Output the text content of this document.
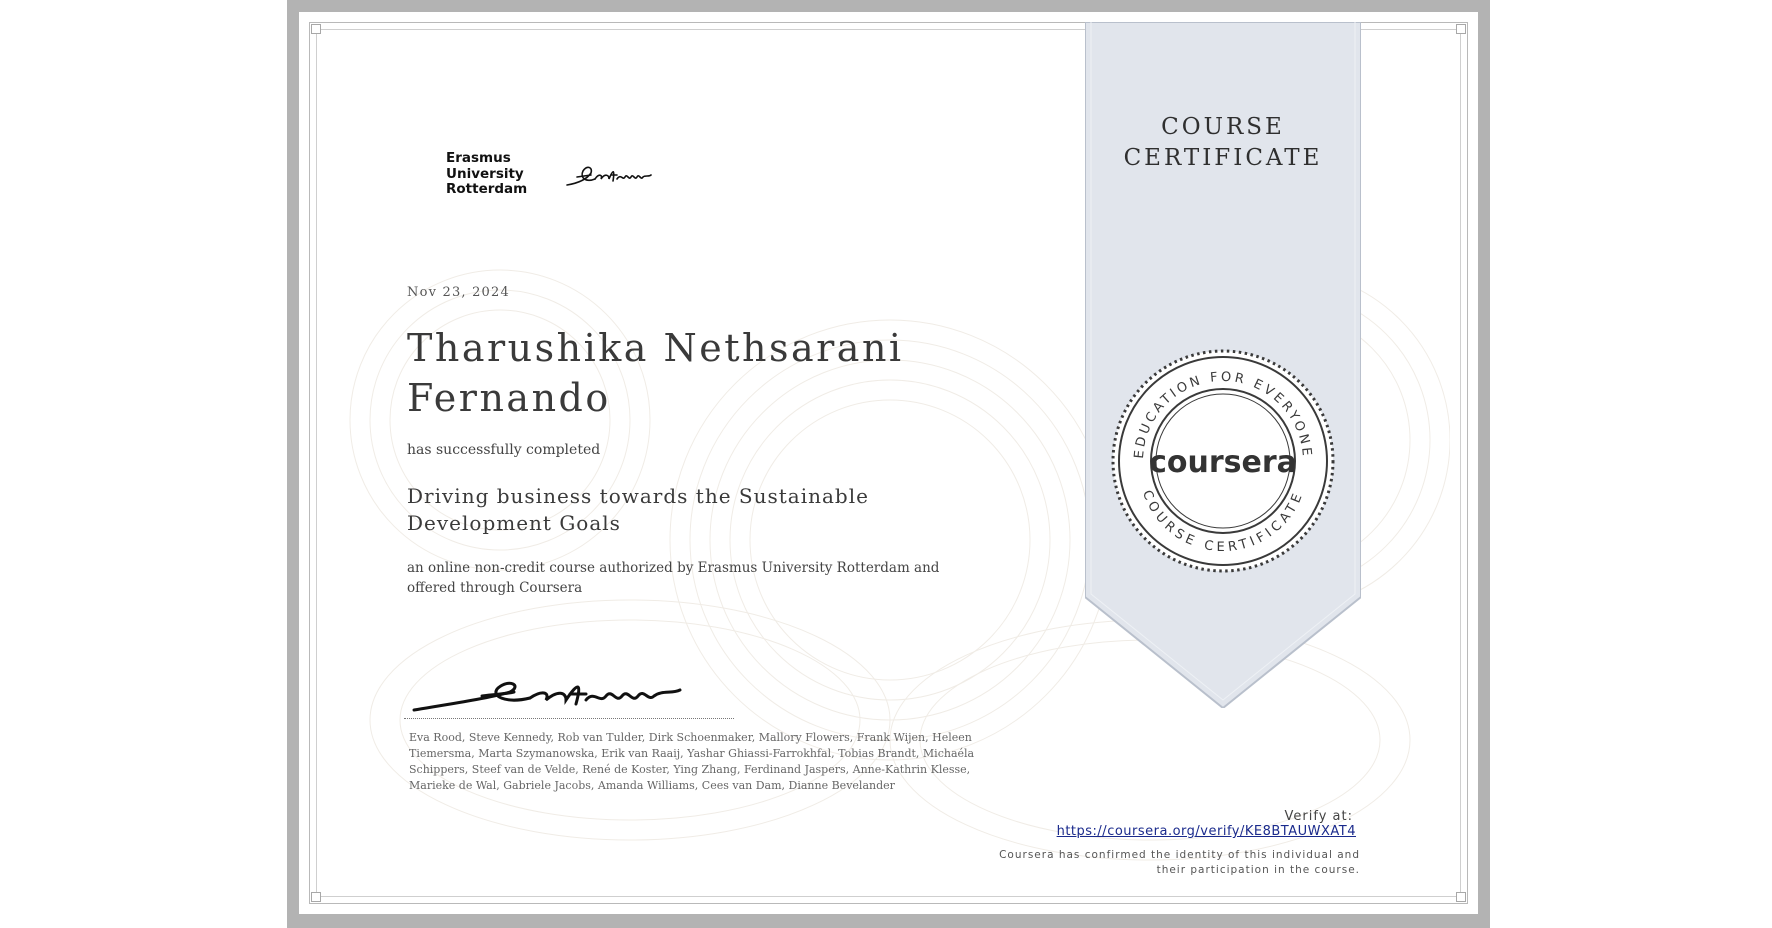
COURSE
CERTIFICATE
EDUCATION FOR EVERYONE
COURSE CERTIFICATE
coursera
Erasmus
University
Rotterdam
Nov 23, 2024
Tharushika Nethsarani Fernando
has successfully completed
Driving business towards the Sustainable Development Goals
an online non-credit course authorized by Erasmus University Rotterdam and offered through Coursera
Eva Rood, Steve Kennedy, Rob van Tulder, Dirk Schoenmaker, Mallory Flowers, Frank Wijen, Heleen Tiemersma, Marta Szymanowska, Erik van Raaij, Yashar Ghiassi-Farrokhfal, Tobias Brandt, Michaéla Schippers, Steef van de Velde, René de Koster, Ying Zhang, Ferdinand Jaspers, Anne-Kathrin Klesse, Marieke de Wal, Gabriele Jacobs, Amanda Williams, Cees van Dam, Dianne Bevelander
Verify at:
https://coursera.org/verify/KE8BTAUWXAT4
Coursera has confirmed the identity of this individual and
their participation in the course.
